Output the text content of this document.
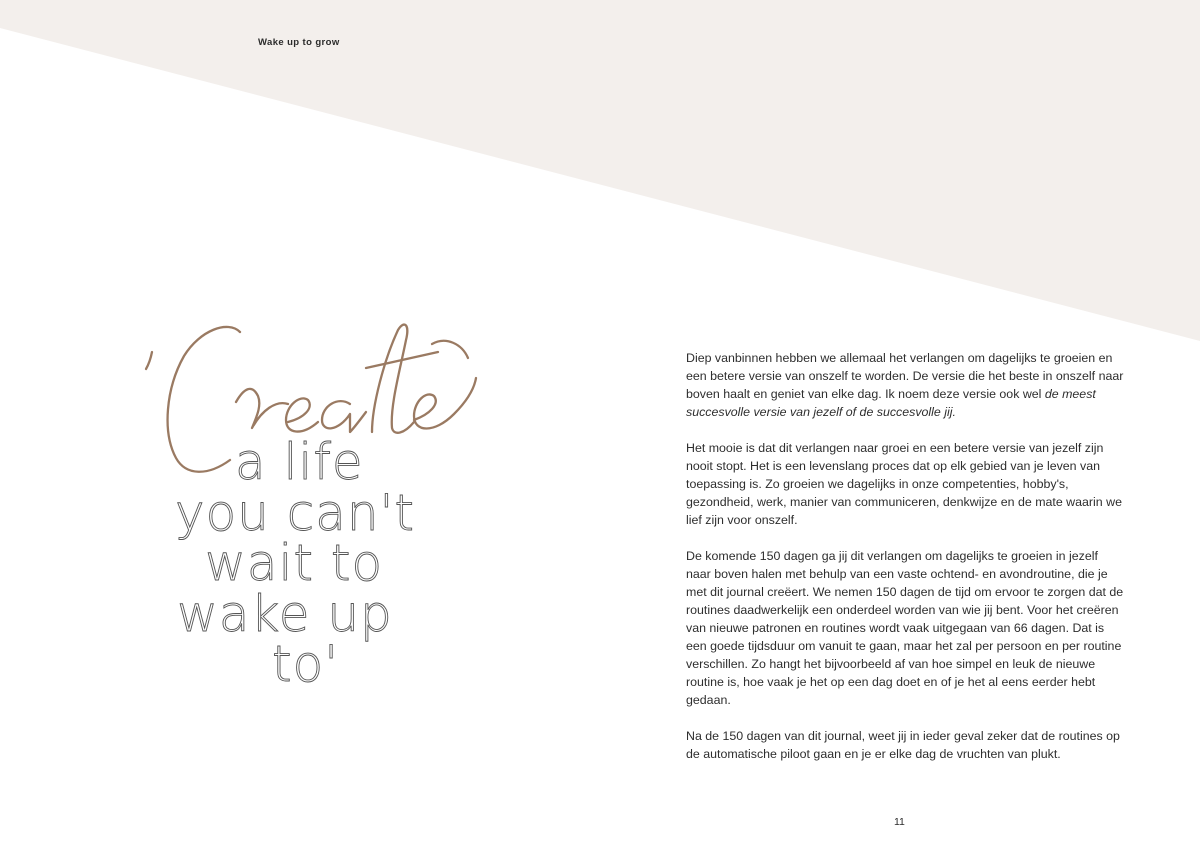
Wake up to grow
a life
you can't
wait to
wake up
to'

Diep vanbinnen hebben we allemaal het verlangen om dagelijks te groeien en een betere versie van onszelf te worden. De versie die het beste in onszelf naar boven haalt en geniet van elke dag. Ik noem deze versie ook wel de meest succesvolle versie van jezelf of de succesvolle jij.

Het mooie is dat dit verlangen naar groei en een betere versie van jezelf zijn nooit stopt. Het is een levenslang proces dat op elk gebied van je leven van toepassing is. Zo groeien we dagelijks in onze competenties, hobby's, gezondheid, werk, manier van communiceren, denkwijze en de mate waarin we lief zijn voor onszelf.

De komende 150 dagen ga jij dit verlangen om dagelijks te groeien in jezelf naar boven halen met behulp van een vaste ochtend- en avondroutine, die je met dit journal creëert. We nemen 150 dagen de tijd om ervoor te zorgen dat de routines daadwerkelijk een onderdeel worden van wie jij bent. Voor het creëren van nieuwe patronen en routines wordt vaak uitgegaan van 66 dagen. Dat is een goede tijdsduur om vanuit te gaan, maar het zal per persoon en per routine verschillen. Zo hangt het bijvoorbeeld af van hoe simpel en leuk de nieuwe routine is, hoe vaak je het op een dag doet en of je het al eens eerder hebt gedaan.

Na de 150 dagen van dit journal, weet jij in ieder geval zeker dat de routines op de automatische piloot gaan en je er elke dag de vruchten van plukt.

11
